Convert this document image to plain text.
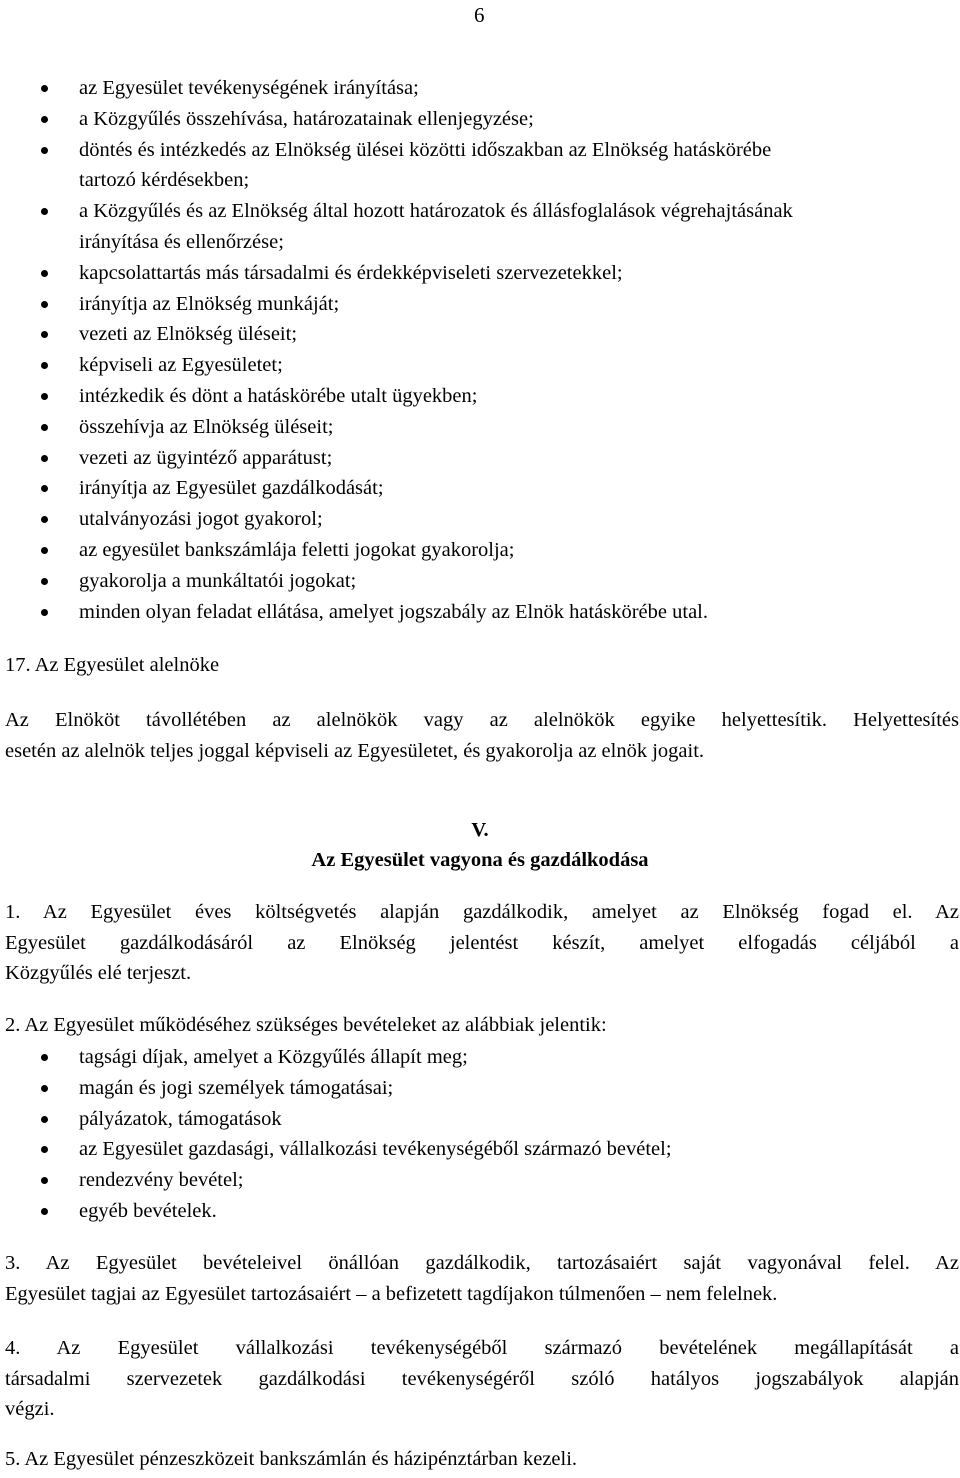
6
az Egyesület tevékenységének irányítása;
a Közgyűlés összehívása, határozatainak ellenjegyzése;
döntés és intézkedés az Elnökség ülései közötti időszakban az Elnökség hatáskörébe
tartozó kérdésekben;
a Közgyűlés és az Elnökség által hozott határozatok és állásfoglalások végrehajtásának
irányítása és ellenőrzése;
kapcsolattartás más társadalmi és érdekképviseleti szervezetekkel;
irányítja az Elnökség munkáját;
vezeti az Elnökség üléseit;
képviseli az Egyesületet;
intézkedik és dönt a hatáskörébe utalt ügyekben;
összehívja az Elnökség üléseit;
vezeti az ügyintéző apparátust;
irányítja az Egyesület gazdálkodását;
utalványozási jogot gyakorol;
az egyesület bankszámlája feletti jogokat gyakorolja;
gyakorolja a munkáltatói jogokat;
minden olyan feladat ellátása, amelyet jogszabály az Elnök hatáskörébe utal.
17. Az Egyesület alelnöke
Az Elnököt távollétében az alelnökök vagy az alelnökök egyike helyettesítik. Helyettesítés
esetén az alelnök teljes joggal képviseli az Egyesületet, és gyakorolja az elnök jogait.
V.
Az Egyesület vagyona és gazdálkodása
1. Az Egyesület éves költségvetés alapján gazdálkodik, amelyet az Elnökség fogad el. Az
Egyesület gazdálkodásáról az Elnökség jelentést készít, amelyet elfogadás céljából a
Közgyűlés elé terjeszt.
2. Az Egyesület működéséhez szükséges bevételeket az alábbiak jelentik:
tagsági díjak, amelyet a Közgyűlés állapít meg;
magán és jogi személyek támogatásai;
pályázatok, támogatások
az Egyesület gazdasági, vállalkozási tevékenységéből származó bevétel;
rendezvény bevétel;
egyéb bevételek.
3. Az Egyesület bevételeivel önállóan gazdálkodik, tartozásaiért saját vagyonával felel. Az
Egyesület tagjai az Egyesület tartozásaiért – a befizetett tagdíjakon túlmenően – nem felelnek.
4. Az Egyesület vállalkozási tevékenységéből származó bevételének megállapítását a
társadalmi szervezetek gazdálkodási tevékenységéről szóló hatályos jogszabályok alapján
végzi.
5. Az Egyesület pénzeszközeit bankszámlán és házipénztárban kezeli.
